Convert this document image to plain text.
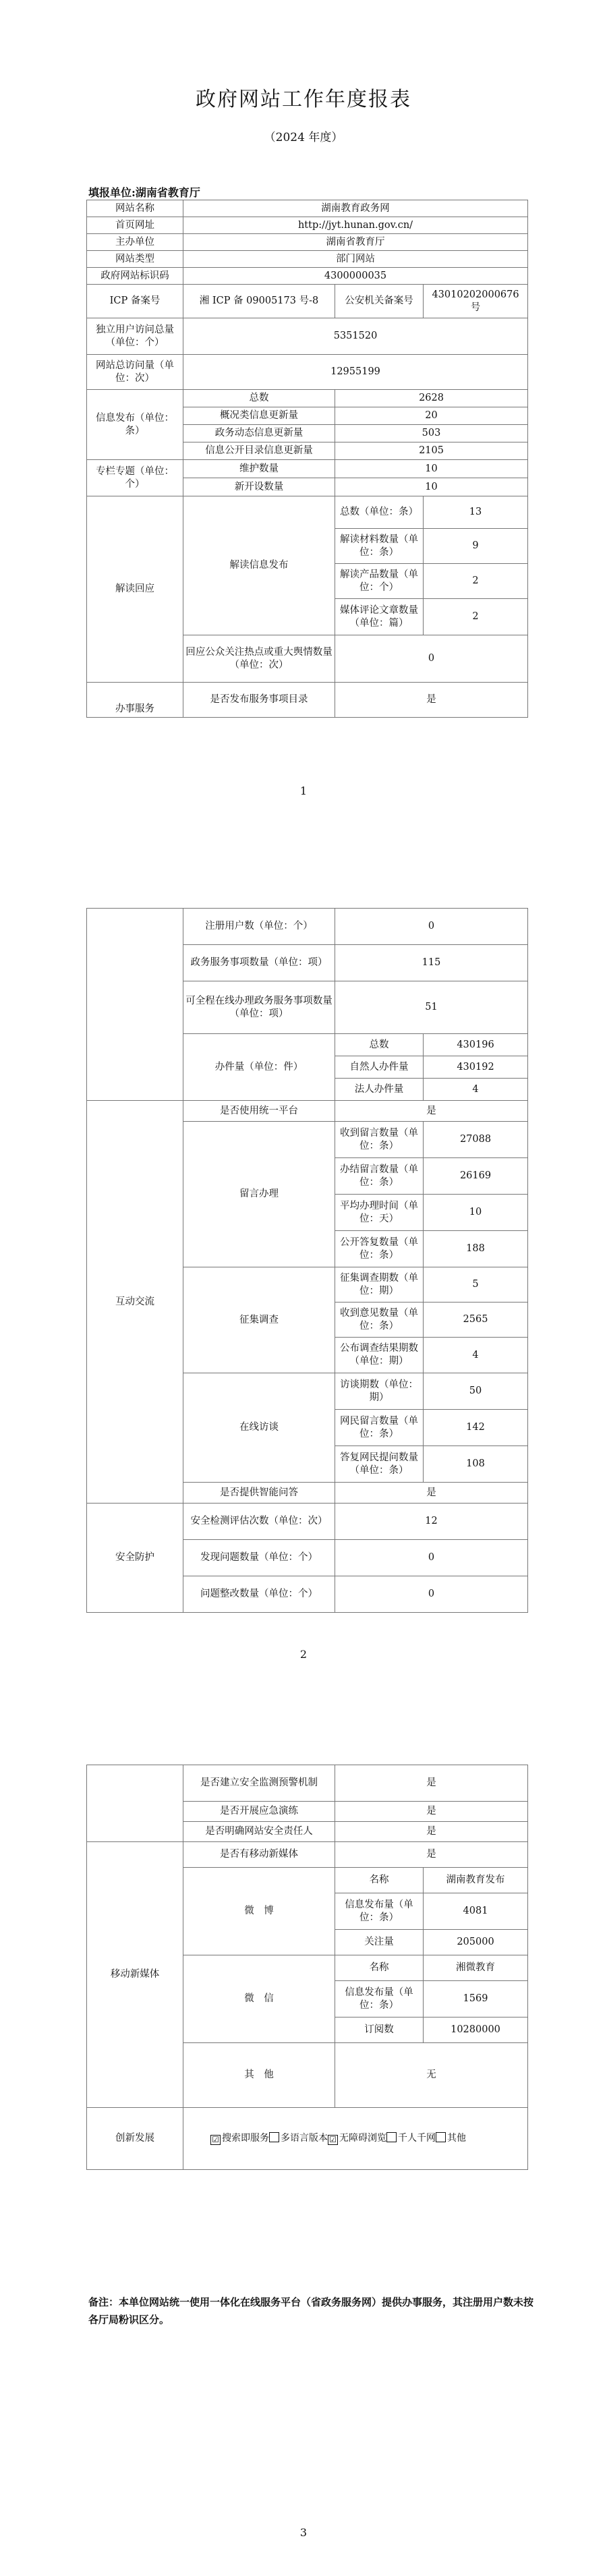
政府网站工作年度报表
（2024 年度）
填报单位:湖南省教育厅
网站名称	湖南教育政务网		
首页网址	http://jyt.hunan.gov.cn/		
主办单位	湖南省教育厅		
网站类型	部门网站		
政府网站标识码	4300000035		
ICP 备案号	湘 ICP 备 09005173 号-8	公安机关备案号	43010202000676 号
独立用户访问总量（单位：个）	5351520		
网站总访问量（单位：次）	12955199		
信息发布（单位：条）	总数	2628	
	概况类信息更新量	20	
	政务动态信息更新量	503	
	信息公开目录信息更新量	2105	
专栏专题（单位：个）	维护数量	10	
	新开设数量	10	
解读回应	解读信息发布	总数（单位：条）	13
		解读材料数量（单位：条）	9
		解读产品数量（单位：个）	2
		媒体评论文章数量（单位：篇）	2
	回应公众关注热点或重大舆情数量（单位：次）	0	
办事服务	是否发布服务事项目录	是	
1
	注册用户数（单位：个）	0	
	政务服务事项数量（单位：项）	115	
	可全程在线办理政务服务事项数量（单位：项）	51	
	办件量（单位：件）	总数	430196
		自然人办件量	430192
		法人办件量	4
互动交流	是否使用统一平台	是	
	留言办理	收到留言数量（单位：条）	27088
		办结留言数量（单位：条）	26169
		平均办理时间（单位：天）	10
		公开答复数量（单位：条）	188
	征集调查	征集调查期数（单位：期）	5
		收到意见数量（单位：条）	2565
		公布调查结果期数（单位：期）	4
	在线访谈	访谈期数（单位：期）	50
		网民留言数量（单位：条）	142
		答复网民提问数量（单位：条）	108
	是否提供智能问答	是	
安全防护	安全检测评估次数（单位：次）	12	
	发现问题数量（单位：个）	0	
	问题整改数量（单位：个）	0	
2
	是否建立安全监测预警机制	是	
	是否开展应急演练	是	
	是否明确网站安全责任人	是	
移动新媒体	是否有移动新媒体	是	
	微　博	名称	湖南教育发布
		信息发布量（单位：条）	4081
		关注量	205000
	微　信	名称	湘微教育
		信息发布量（单位：条）	1569
		订阅数	10280000
	其　他	无	
创新发展	☑ 搜索即服务 多语言版本 ☑ 无障碍浏览 千人千网 其他		
备注：本单位网站统一使用一体化在线服务平台（省政务服务网）提供办事服务，其注册用户数未按各厅局粉识区分。
3
